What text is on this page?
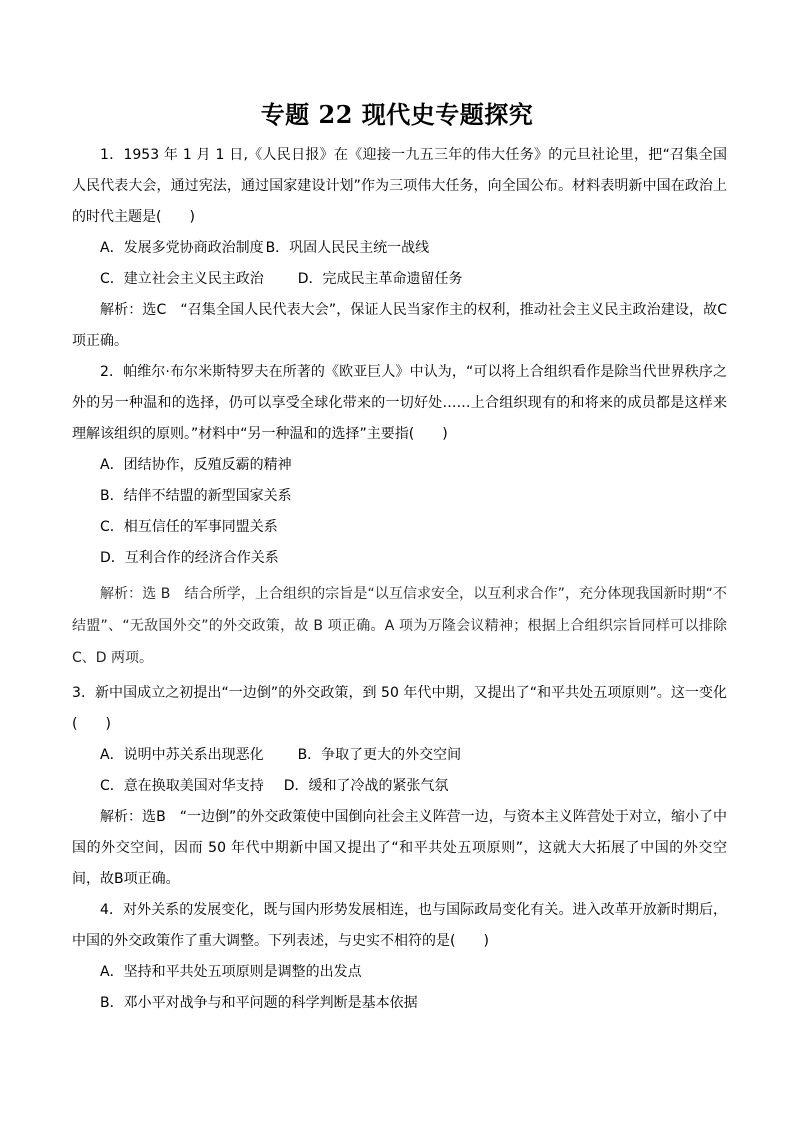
专题 22 现代史专题探究

1．1953 年 1 月 1 日,《人民日报》在《迎接一九五三年的伟大任务》的元旦社论里，把“召集全国人民代表大会，通过宪法，通过国家建设计划”作为三项伟大任务，向全国公布。材料表明新中国在政治上的时代主题是(　　)

A．发展多党协商政治制度 B．巩固人民民主统一战线

C．建立社会主义民主政治 D．完成民主革命遗留任务

解析：选C　“召集全国人民代表大会”，保证人民当家作主的权利，推动社会主义民主政治建设，故C项正确。

2．帕维尔·布尔米斯特罗夫在所著的《欧亚巨人》中认为，“可以将上合组织看作是除当代世界秩序之外的另一种温和的选择，仍可以享受全球化带来的一切好处……上合组织现有的和将来的成员都是这样来理解该组织的原则。”材料中“另一种温和的选择”主要指(　　)

A．团结协作，反殖反霸的精神

B．结伴不结盟的新型国家关系

C．相互信任的军事同盟关系

D．互利合作的经济合作关系

解析：选 B　结合所学，上合组织的宗旨是“以互信求安全，以互利求合作”，充分体现我国新时期“不结盟”、“无敌国外交”的外交政策，故 B 项正确。A 项为万隆会议精神；根据上合组织宗旨同样可以排除 C、D 两项。

3．新中国成立之初提出“一边倒”的外交政策，到 50 年代中期，又提出了“和平共处五项原则”。这一变化(　　)

A．说明中苏关系出现恶化 B．争取了更大的外交空间

C．意在换取美国对华支持 D．缓和了冷战的紧张气氛

解析：选B　“一边倒”的外交政策使中国倒向社会主义阵营一边，与资本主义阵营处于对立，缩小了中国的外交空间，因而 50 年代中期新中国又提出了“和平共处五项原则”，这就大大拓展了中国的外交空间，故B项正确。

4．对外关系的发展变化，既与国内形势发展相连，也与国际政局变化有关。进入改革开放新时期后，中国的外交政策作了重大调整。下列表述，与史实不相符的是(　　)

A．坚持和平共处五项原则是调整的出发点

B．邓小平对战争与和平问题的科学判断是基本依据
